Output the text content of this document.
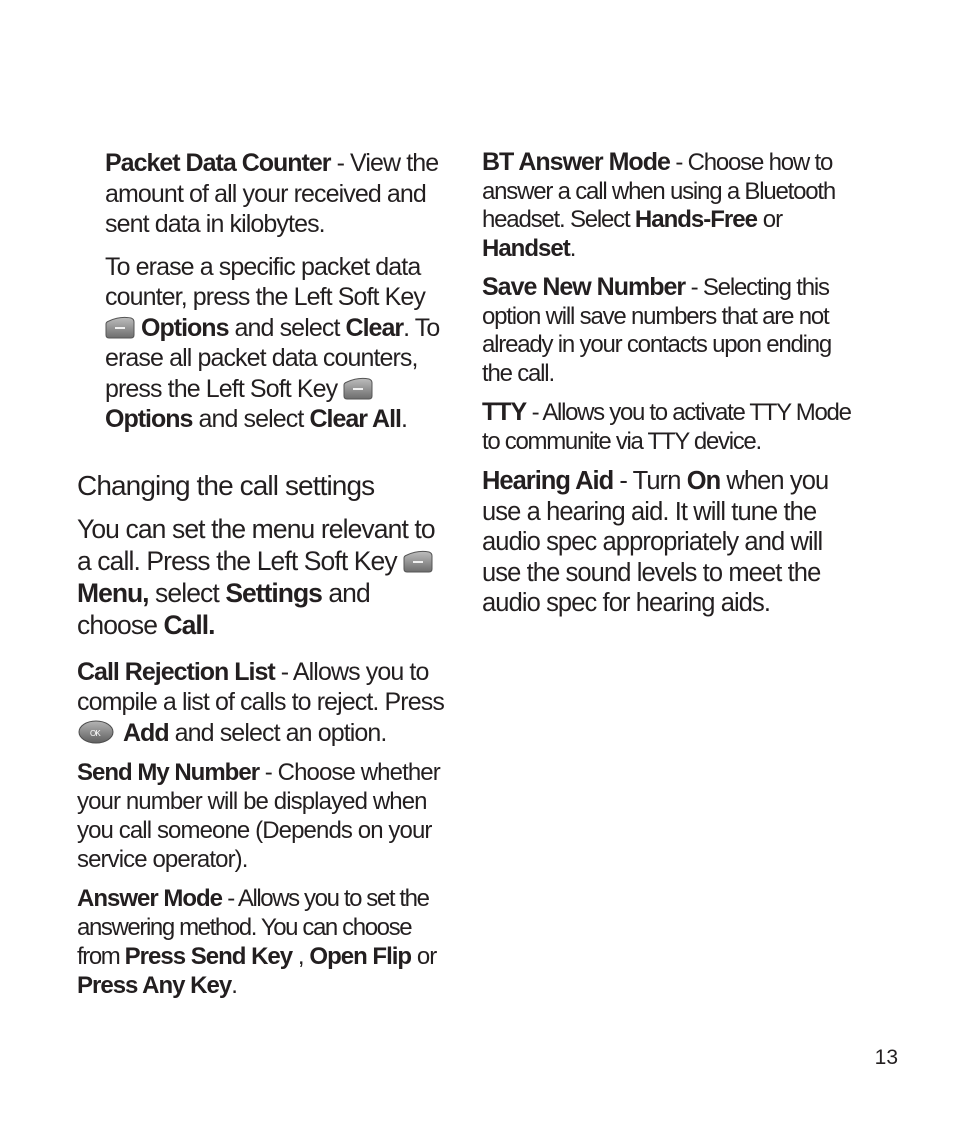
Packet Data Counter - View the amount of all your received and sent data in kilobytes.

To erase a specific packet data counter, press the Left Soft Key
Options and select Clear. To erase all packet data counters, press the Left Soft Key
Options and select Clear All.

Changing the call settings

You can set the menu relevant to a call. Press the Left Soft Key
Menu, select Settings and choose Call.

Call Rejection List - Allows you to compile a list of calls to reject. Press

OK Add and select an option.

Send My Number - Choose whether your number will be displayed when you call someone (Depends on your service operator).

Answer Mode - Allows you to set the answering method. You can choose from Press Send Key , Open Flip or Press Any Key.

BT Answer Mode - Choose how to answer a call when using a Bluetooth headset. Select Hands-Free or Handset.

Save New Number - Selecting this option will save numbers that are not already in your contacts upon ending the call.

TTY - Allows you to activate TTY Mode to communite via TTY device.

Hearing Aid - Turn On when you use a hearing aid. It will tune the audio spec appropriately and will use the sound levels to meet the audio spec for hearing aids.

13
